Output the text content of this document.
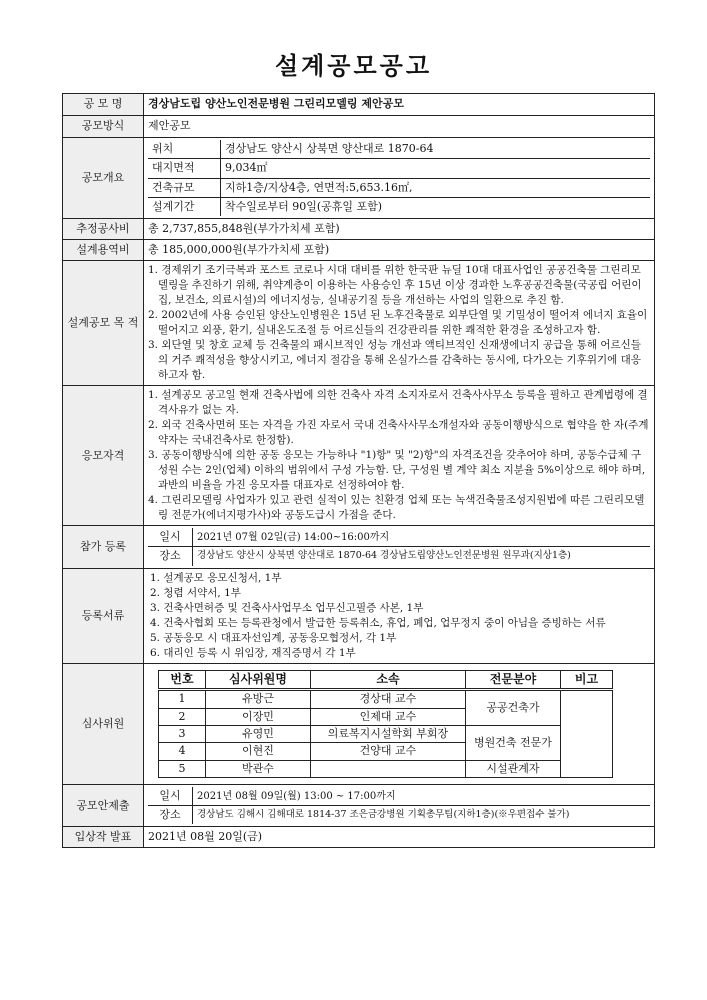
설계공모공고
공 모 명	경상남도립 양산노인전문병원 그린리모델링 제안공모
공모방식	제안공모
공모개요	
위치	경상남도 양산시 상북면 양산대로 1870-64
대지면적	9,034㎡
건축규모	지하1층/지상4층, 연면적:5,653.16㎡,
설계기간	착수일로부터 90일(공휴일 포함)

추정공사비	총 2,737,855,848원(부가가치세 포함)
설계용역비	총 185,000,000원(부가가치세 포함)
설계공모 목 적	
1. 경제위기 조기극복과 포스트 코로나 시대 대비를 위한 한국판 뉴딜 10대 대표사업인 공공건축물 그린리모델링을 추진하기 위해, 취약계층이 이용하는 사용승인 후 15년 이상 경과한 노후공공건축물(국공립 어린이집, 보건소, 의료시설)의 에너지성능, 실내공기질 등을 개선하는 사업의 일환으로 추진 함.
2. 2002년에 사용 승인된 양산노인병원은 15년 된 노후건축물로 외부단열 및 기밀성이 떨어져 에너지 효율이 떨어지고 외풍, 환기, 실내온도조절 등 어르신들의 건강관리를 위한 쾌적한 환경을 조성하고자 함.
3. 외단열 및 창호 교체 등 건축물의 패시브적인 성능 개선과 액티브적인 신재생에너지 공급을 통해 어르신들의 거주 쾌적성을 향상시키고, 에너지 절감을 통해 온실가스를 감축하는 동시에, 다가오는 기후위기에 대응하고자 함.

응모자격	
1. 설계공모 공고일 현재 건축사법에 의한 건축사 자격 소지자로서 건축사사무소 등록을 필하고 관계법령에 결격사유가 없는 자.
2. 외국 건축사면허 또는 자격을 가진 자로서 국내 건축사사무소개설자와 공동이행방식으로 협약을 한 자(주계약자는 국내건축사로 한정함).
3. 공동이행방식에 의한 공동 응모는 가능하나 "1)항" 및 "2)항"의 자격조건을 갖추어야 하며, 공동수급체 구성원 수는 2인(업체) 이하의 범위에서 구성 가능함. 단, 구성원 별 계약 최소 지분율 5%이상으로 해야 하며, 과반의 비율을 가진 응모자를 대표자로 선정하여야 함.
4. 그린리모델링 사업자가 있고 관련 실적이 있는 친환경 업체 또는 녹색건축물조성지원법에 따른 그린리모델링 전문가(에너지평가사)와 공동도급시 가점을 준다.

참가 등록	
일시	2021년 07월 02일(금) 14:00~16:00까지
장소	경상남도 양산시 상북면 양산대로 1870-64 경상남도립양산노인전문병원 원무과(지상1층)

등록서류	
1. 설계공모 응모신청서, 1부
2. 청렴 서약서, 1부
3. 건축사면허증 및 건축사사업무소 업무신고필증 사본, 1부
4. 건축사협회 또는 등록관청에서 발급한 등록취소, 휴업, 폐업, 업무정지 중이 아님을 증빙하는 서류
5. 공동응모 시 대표자선임계, 공동응모협정서, 각 1부
6. 대리인 등록 시 위임장, 재직증명서 각 1부

심사위원	
번호	심사위원명	소속	전문분야	비고
1	유방근	경상대 교수	공공건축가	
2	이장민	인제대 교수
3	유영민	의료복지시설학회 부회장	병원건축 전문가
4	이현진	건양대 교수
5	박관수		시설관계자

공모안제출	
일시	2021년 08월 09일(월) 13:00 ~ 17:00까지
장소	경상남도 김해시 김해대로 1814-37 조은금강병원 기획총무팀(지하1층)(※우편접수 불가)

입상작 발표	2021년 08월 20일(금)
